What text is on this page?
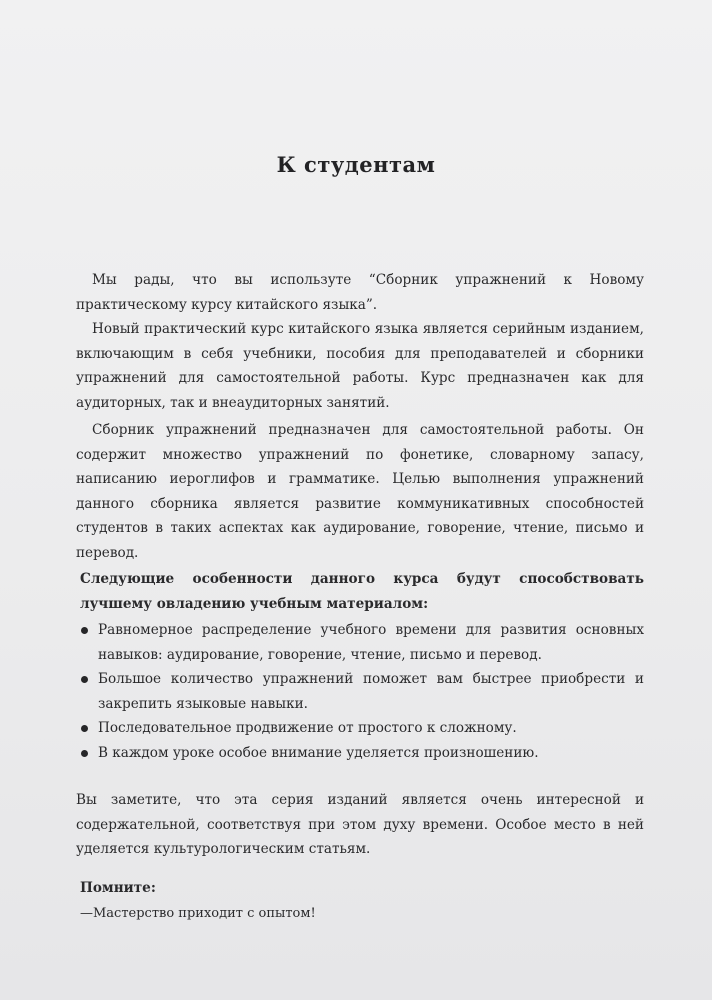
К студентам

Мы рады, что вы используте “Сборник упражнений к Новому практическому курсу китайского языка”.

Новый практический курс китайского языка является серийным изданием, включающим в себя учебники, пособия для преподавателей и сборники упражнений для самостоятельной работы. Курс предназначен как для аудиторных, так и внеаудиторных занятий.

Сборник упражнений предназначен для самостоятельной работы. Он содержит множество упражнений по фонетике, словарному запасу, написанию иероглифов и грамматике. Целью выполнения упражнений данного сборника является развитие коммуникативных способностей студентов в таких аспектах как аудирование, говорение, чтение, письмо и перевод.

Следующие особенности данного курса будут способствовать лучшему овладению учебным материалом:

Равномерное распределение учебного времени для развития основных навыков: аудирование, говорение, чтение, письмо и перевод.
Большое количество упражнений поможет вам быстрее приобрести и закрепить языковые навыки.
Последовательное продвижение от простого к сложному.
В каждом уроке особое внимание уделяется произношению.

Вы заметите, что эта серия изданий является очень интересной и содержательной, соответствуя при этом духу времени. Особое место в ней уделяется культурологическим статьям.

Помните:

—Мастерство приходит с опытом!
